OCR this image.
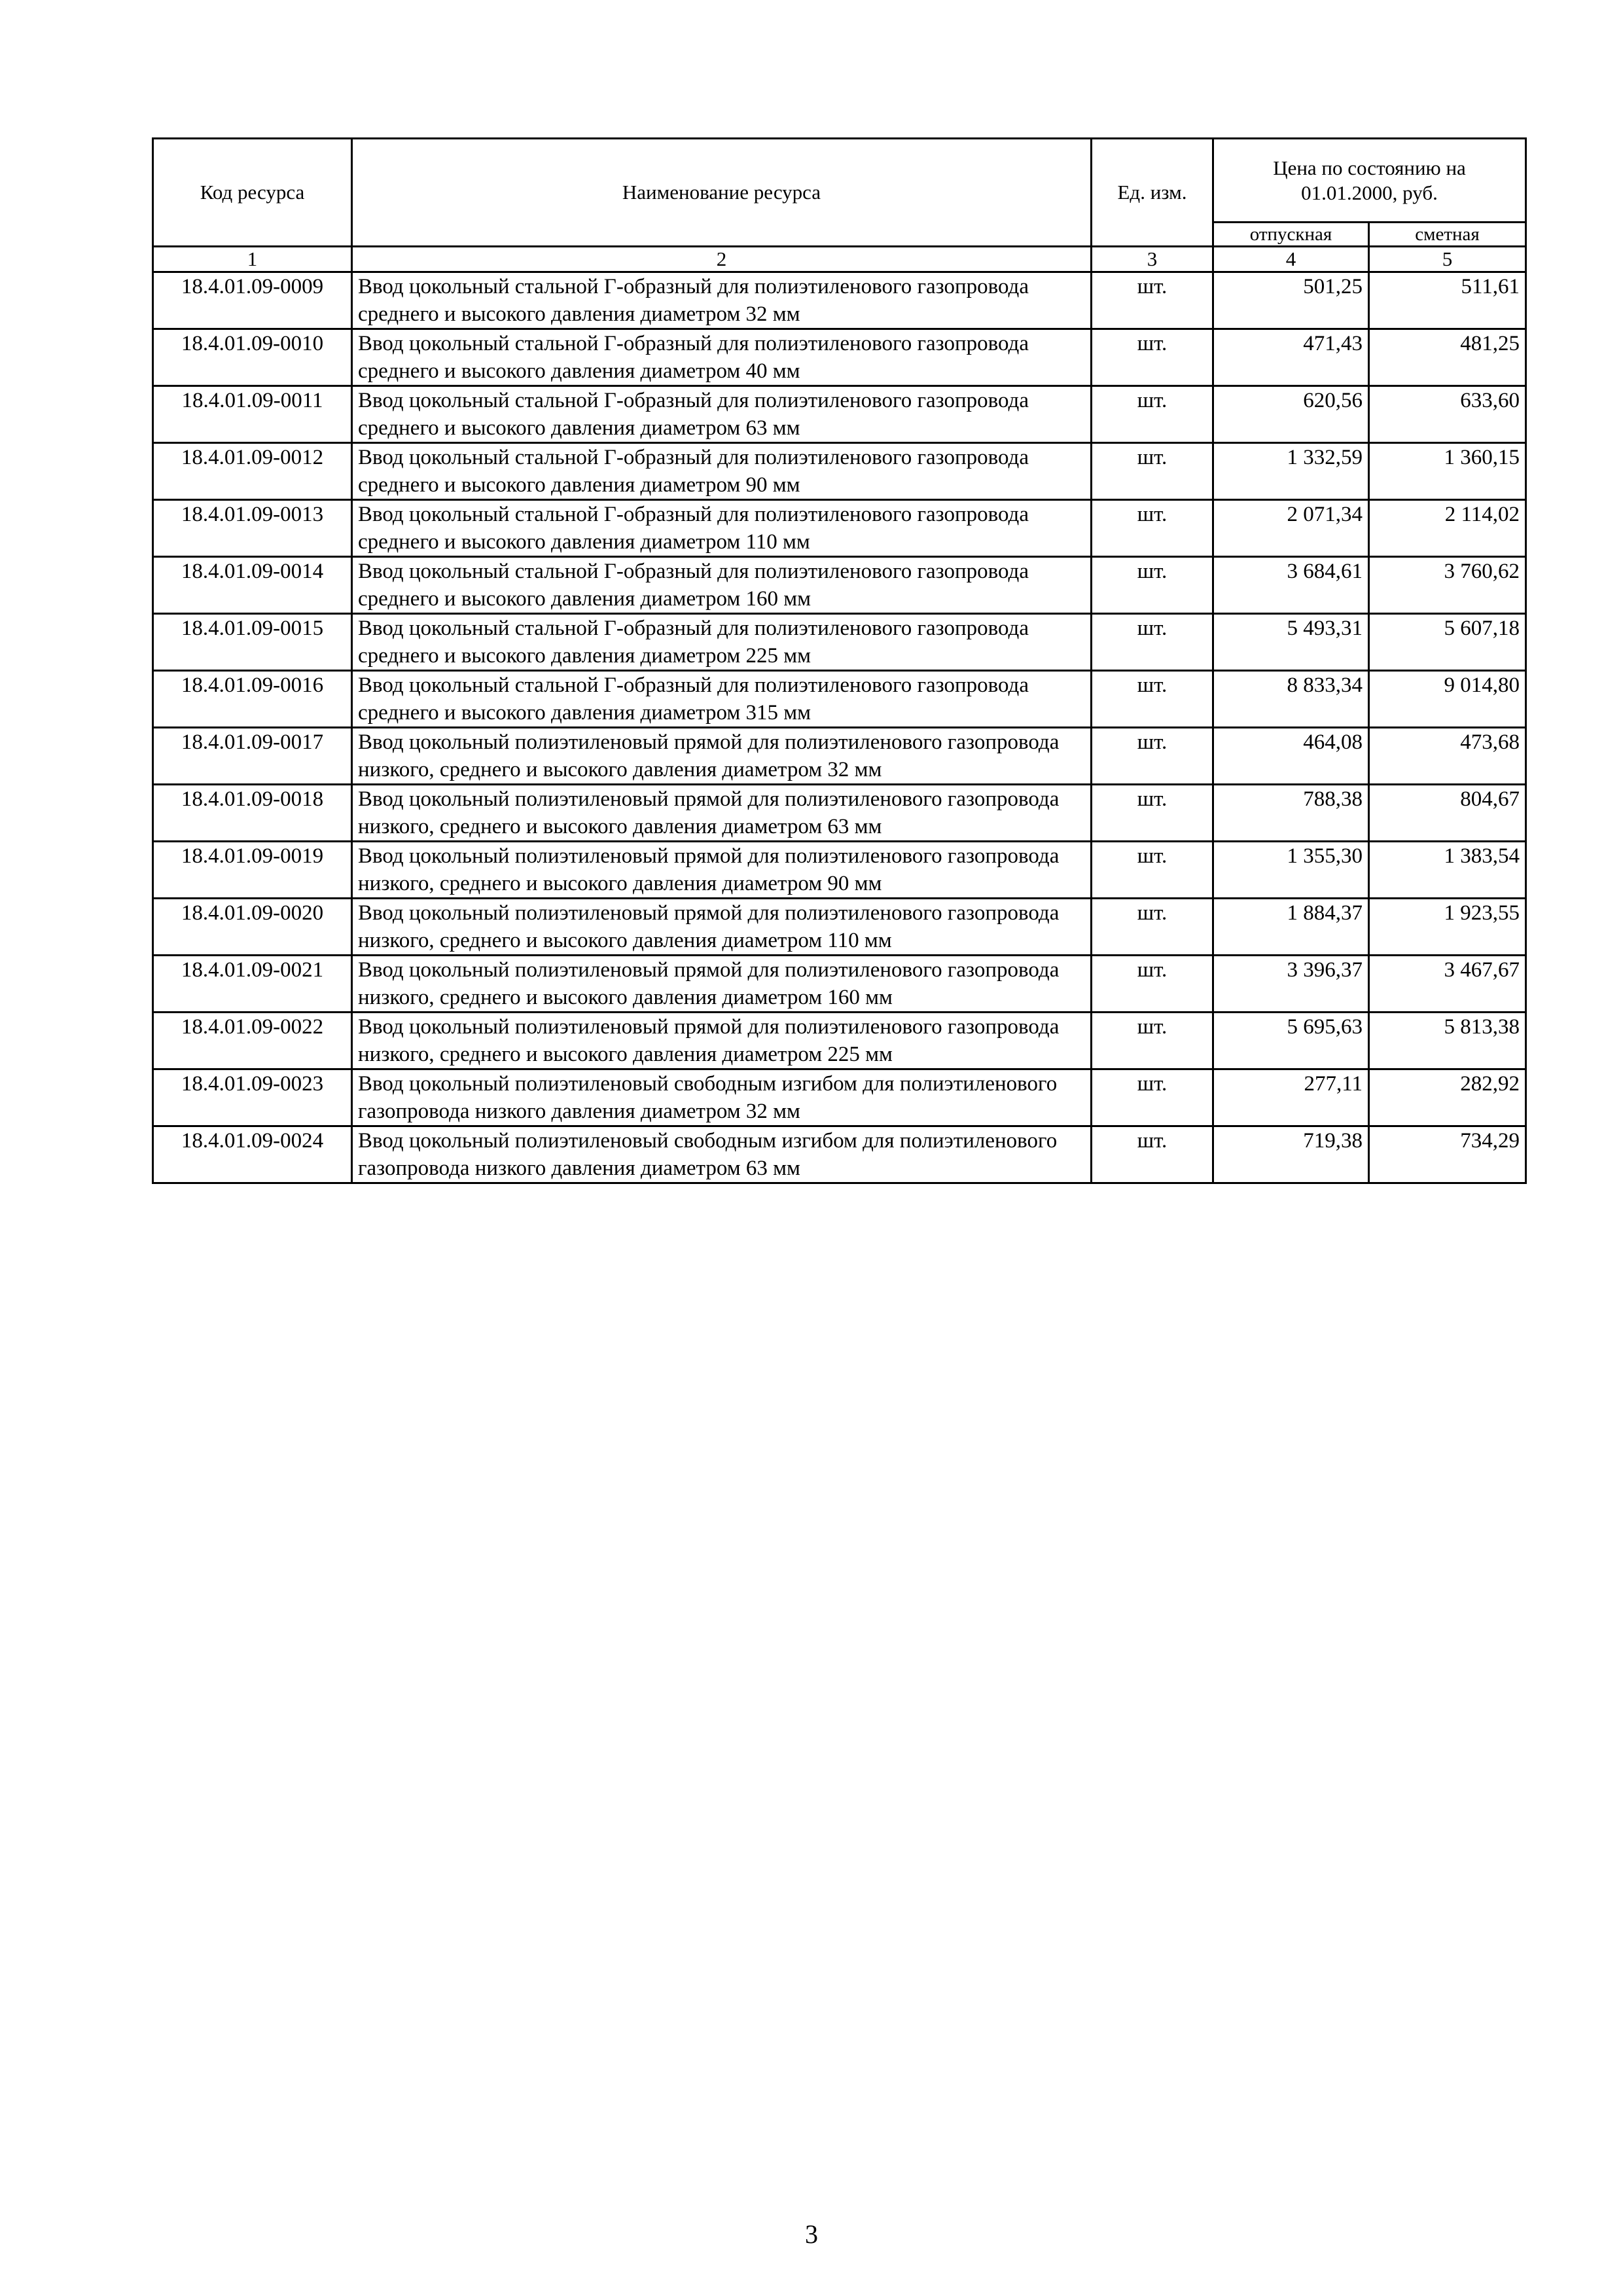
Код ресурса	Наименование ресурса	Ед. изм.	Цена по состоянию на
01.01.2000, руб.	
			отпускная	сметная
1	2	3	4	5
18.4.01.09-0009	Ввод цокольный стальной Г-образный для полиэтиленового газопровода среднего и высокого давления диаметром 32 мм	шт.	501,25	511,61
18.4.01.09-0010	Ввод цокольный стальной Г-образный для полиэтиленового газопровода среднего и высокого давления диаметром 40 мм	шт.	471,43	481,25
18.4.01.09-0011	Ввод цокольный стальной Г-образный для полиэтиленового газопровода среднего и высокого давления диаметром 63 мм	шт.	620,56	633,60
18.4.01.09-0012	Ввод цокольный стальной Г-образный для полиэтиленового газопровода среднего и высокого давления диаметром 90 мм	шт.	1 332,59	1 360,15
18.4.01.09-0013	Ввод цокольный стальной Г-образный для полиэтиленового газопровода среднего и высокого давления диаметром 110 мм	шт.	2 071,34	2 114,02
18.4.01.09-0014	Ввод цокольный стальной Г-образный для полиэтиленового газопровода среднего и высокого давления диаметром 160 мм	шт.	3 684,61	3 760,62
18.4.01.09-0015	Ввод цокольный стальной Г-образный для полиэтиленового газопровода среднего и высокого давления диаметром 225 мм	шт.	5 493,31	5 607,18
18.4.01.09-0016	Ввод цокольный стальной Г-образный для полиэтиленового газопровода среднего и высокого давления диаметром 315 мм	шт.	8 833,34	9 014,80
18.4.01.09-0017	Ввод цокольный полиэтиленовый прямой для полиэтиленового газопровода низкого, среднего и высокого давления диаметром 32 мм	шт.	464,08	473,68
18.4.01.09-0018	Ввод цокольный полиэтиленовый прямой для полиэтиленового газопровода низкого, среднего и высокого давления диаметром 63 мм	шт.	788,38	804,67
18.4.01.09-0019	Ввод цокольный полиэтиленовый прямой для полиэтиленового газопровода низкого, среднего и высокого давления диаметром 90 мм	шт.	1 355,30	1 383,54
18.4.01.09-0020	Ввод цокольный полиэтиленовый прямой для полиэтиленового газопровода низкого, среднего и высокого давления диаметром 110 мм	шт.	1 884,37	1 923,55
18.4.01.09-0021	Ввод цокольный полиэтиленовый прямой для полиэтиленового газопровода низкого, среднего и высокого давления диаметром 160 мм	шт.	3 396,37	3 467,67
18.4.01.09-0022	Ввод цокольный полиэтиленовый прямой для полиэтиленового газопровода низкого, среднего и высокого давления диаметром 225 мм	шт.	5 695,63	5 813,38
18.4.01.09-0023	Ввод цокольный полиэтиленовый свободным изгибом для полиэтиленового газопровода низкого давления диаметром 32 мм	шт.	277,11	282,92
18.4.01.09-0024	Ввод цокольный полиэтиленовый свободным изгибом для полиэтиленового газопровода низкого давления диаметром 63 мм	шт.	719,38	734,29
3
